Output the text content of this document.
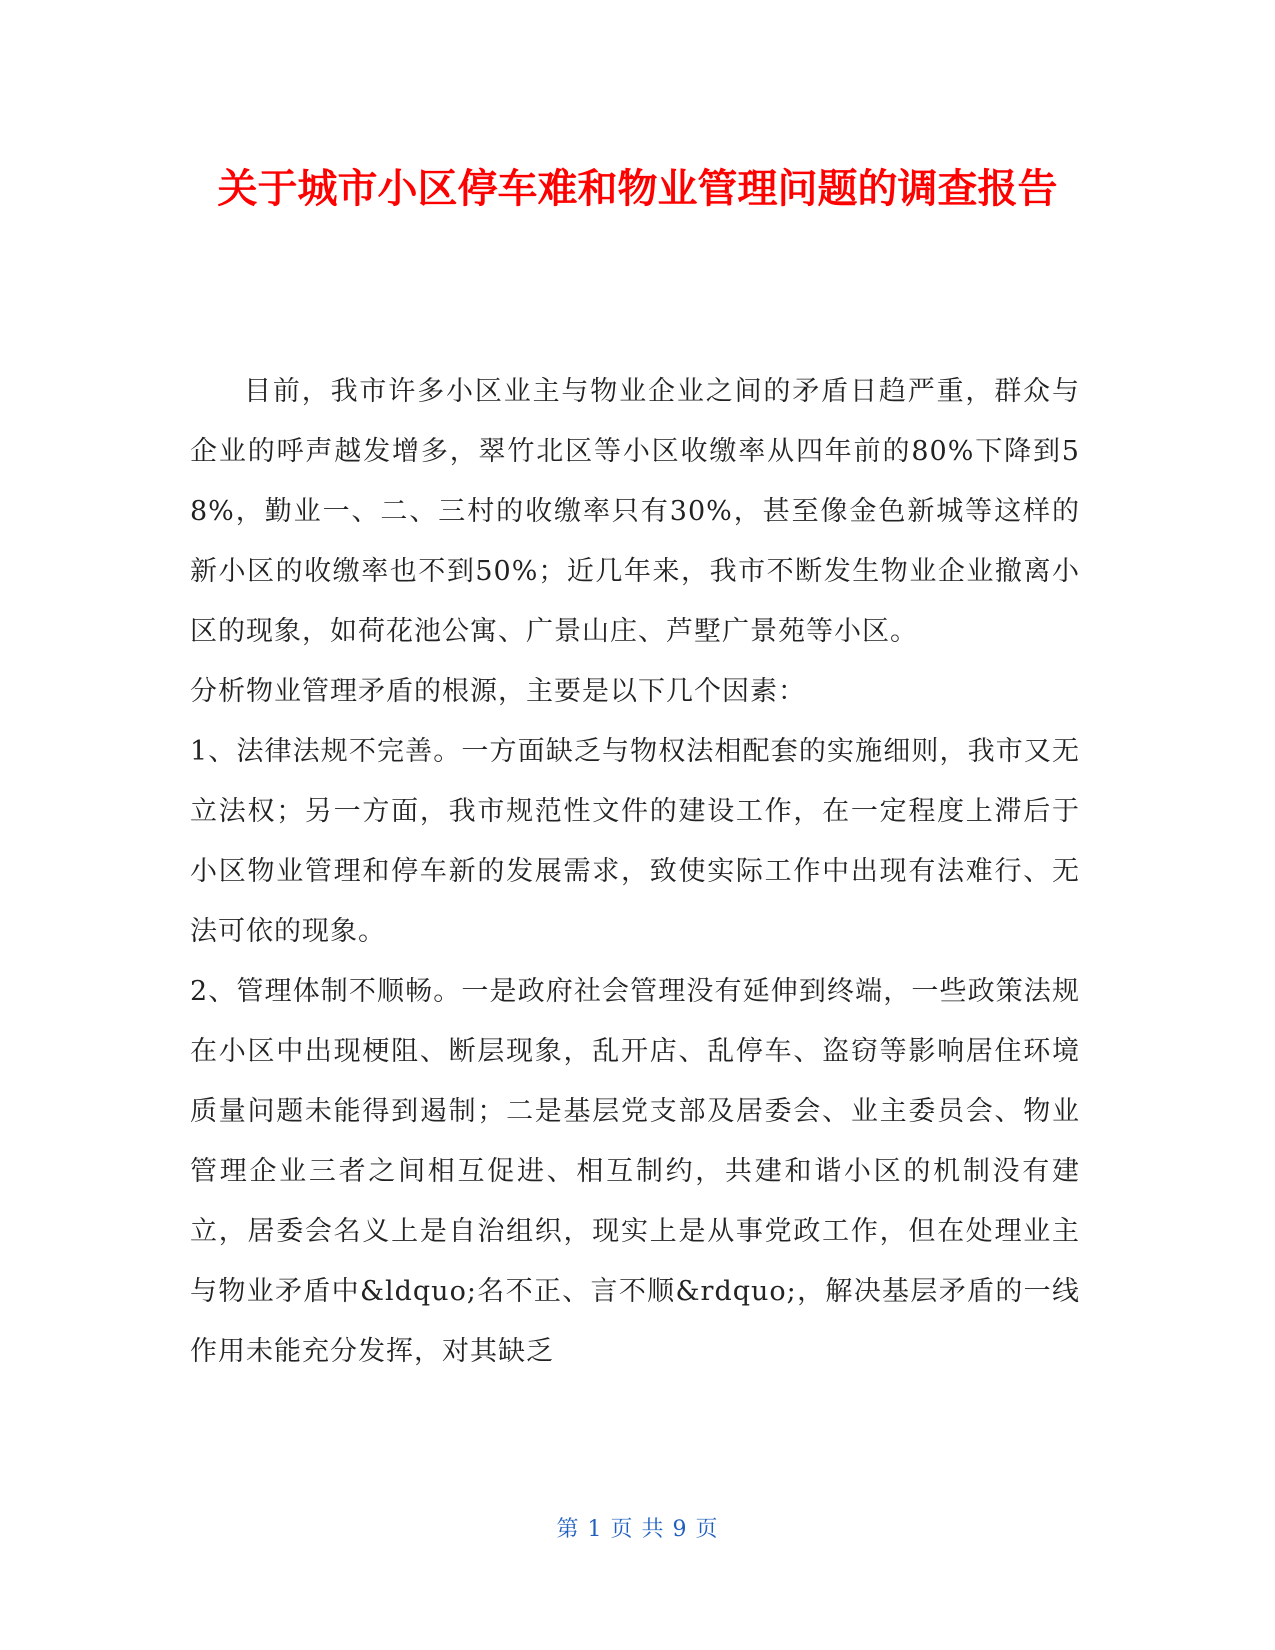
关于城市小区停车难和物业管理问题的调查报告

目前，我市许多小区业主与物业企业之间的矛盾日趋严重，群众与企业的呼声越发增多，翠竹北区等小区收缴率从四年前的80%下降到58%，勤业一、二、三村的收缴率只有30%，甚至像金色新城等这样的新小区的收缴率也不到50%；近几年来，我市不断发生物业企业撤离小区的现象，如荷花池公寓、广景山庄、芦墅广景苑等小区。

分析物业管理矛盾的根源，主要是以下几个因素：

1、法律法规不完善。一方面缺乏与物权法相配套的实施细则，我市又无立法权；另一方面，我市规范性文件的建设工作，在一定程度上滞后于小区物业管理和停车新的发展需求，致使实际工作中出现有法难行、无法可依的现象。

2、管理体制不顺畅。一是政府社会管理没有延伸到终端，一些政策法规在小区中出现梗阻、断层现象，乱开店、乱停车、盗窃等影响居住环境质量问题未能得到遏制；二是基层党支部及居委会、业主委员会、物业管理企业三者之间相互促进、相互制约，共建和谐小区的机制没有建立，居委会名义上是自治组织，现实上是从事党政工作，但在处理业主与物业矛盾中&ldquo;名不正、言不顺&rdquo;，解决基层矛盾的一线作用未能充分发挥，对其缺乏

第 1 页 共 9 页
